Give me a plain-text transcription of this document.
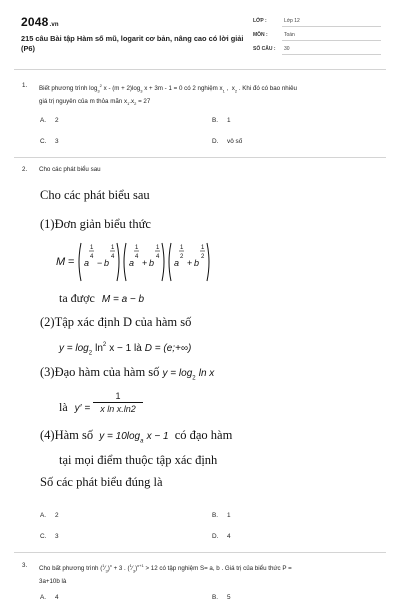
2048.vn
215 câu Bài tập Hàm số mũ, logarit cơ bản, nâng cao có lời giải (P6)
LỚP :	Lớp 12
MÔN :	Toán
SỐ CÂU : 30
1. Biết phương trình $\log_3^2 x - (m + 2)\log_3$ x + 3m - 1 = 0 có 2 nghiệm $x_1$ ,  $x_2$ . Khi đó có bao nhiêu
giá trị nguyên của m thỏa mãn $x_1.x_2 = 27$
A. 2	B. 1
C. 3	D. vô số
2. Cho các phát biểu sau
Cho các phát biểu sau
(1)Đơn giản biểu thức
M = a
1
4
− b
1
4
a
1
4
+ b
1
4
a
1
2
+ b
1
2
ta được M = a − b
(2)Tập xác định D của hàm số
$y = \log_2 \ln^2 x - 1$ là D = (e;+∞)
(3)Đạo hàm của hàm số $y = \log_2 \ln x$
là y′ =
1
x ln x.ln2
(4)Hàm số $y = 10\log_a$ x − 1 có đạo hàm
tại mọi điểm thuộc tập xác định
Số các phát biểu đúng là
A. 2	B. 1
C. 3	D. 4
3. Cho bất phương trình $(^1⁄_3)^x + 3$ . $(^1⁄_3)^{x+1} > 12$ có tập nghiệm S= a, b . Giá trị của biểu thức P =
3a+10b là
A. 4	B. 5
